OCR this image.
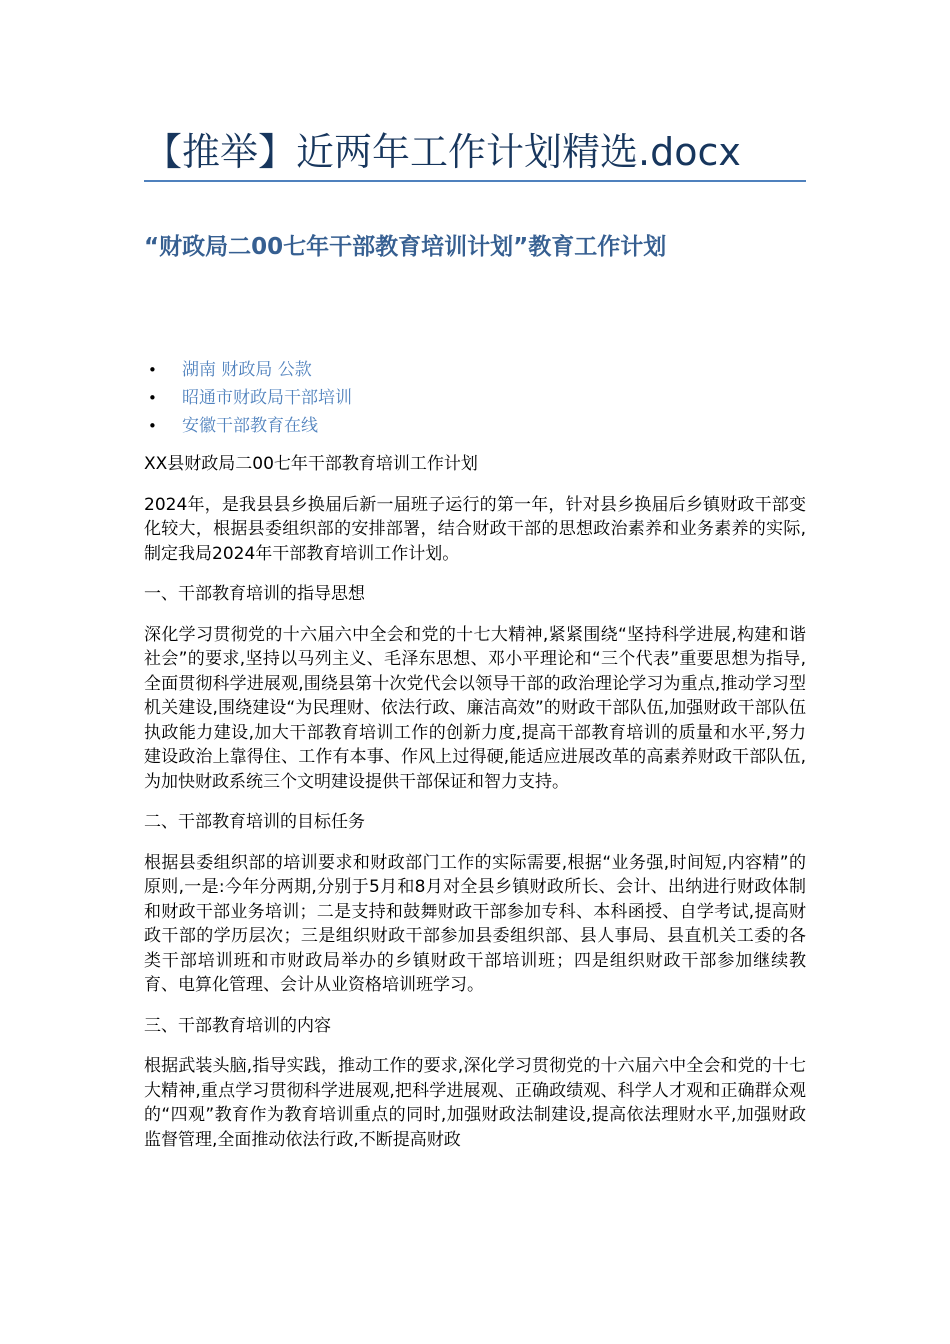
【推举】近两年工作计划精选.docx
“财政局二00七年干部教育培训计划”教育工作计划
• 湖南 财政局 公款
• 昭通市财政局干部培训
• 安徽干部教育在线

XX县财政局二00七年干部教育培训工作计划

2024年，是我县县乡换届后新一届班子运行的第一年，针对县乡换届后乡镇财政干部变化较大，根据县委组织部的安排部署，结合财政干部的思想政治素养和业务素养的实际,制定我局2024年干部教育培训工作计划。

一、干部教育培训的指导思想

深化学习贯彻党的十六届六中全会和党的十七大精神,紧紧围绕“坚持科学进展,构建和谐社会”的要求,坚持以马列主义、毛泽东思想、邓小平理论和“三个代表”重要思想为指导,全面贯彻科学进展观,围绕县第十次党代会以领导干部的政治理论学习为重点,推动学习型机关建设,围绕建设“为民理财、依法行政、廉洁高效”的财政干部队伍,加强财政干部队伍执政能力建设,加大干部教育培训工作的创新力度,提高干部教育培训的质量和水平,努力建设政治上靠得住、工作有本事、作风上过得硬,能适应进展改革的高素养财政干部队伍,为加快财政系统三个文明建设提供干部保证和智力支持。

二、干部教育培训的目标任务

根据县委组织部的培训要求和财政部门工作的实际需要,根据“业务强,时间短,内容精”的原则,一是:今年分两期,分别于5月和8月对全县乡镇财政所长、会计、出纳进行财政体制和财政干部业务培训；二是支持和鼓舞财政干部参加专科、本科函授、自学考试,提高财政干部的学历层次；三是组织财政干部参加县委组织部、县人事局、县直机关工委的各类干部培训班和市财政局举办的乡镇财政干部培训班；四是组织财政干部参加继续教育、电算化管理、会计从业资格培训班学习。

三、干部教育培训的内容

根据武装头脑,指导实践，推动工作的要求,深化学习贯彻党的十六届六中全会和党的十七大精神,重点学习贯彻科学进展观,把科学进展观、正确政绩观、科学人才观和正确群众观的“四观”教育作为教育培训重点的同时,加强财政法制建设,提高依法理财水平,加强财政监督管理,全面推动依法行政,不断提高财政
